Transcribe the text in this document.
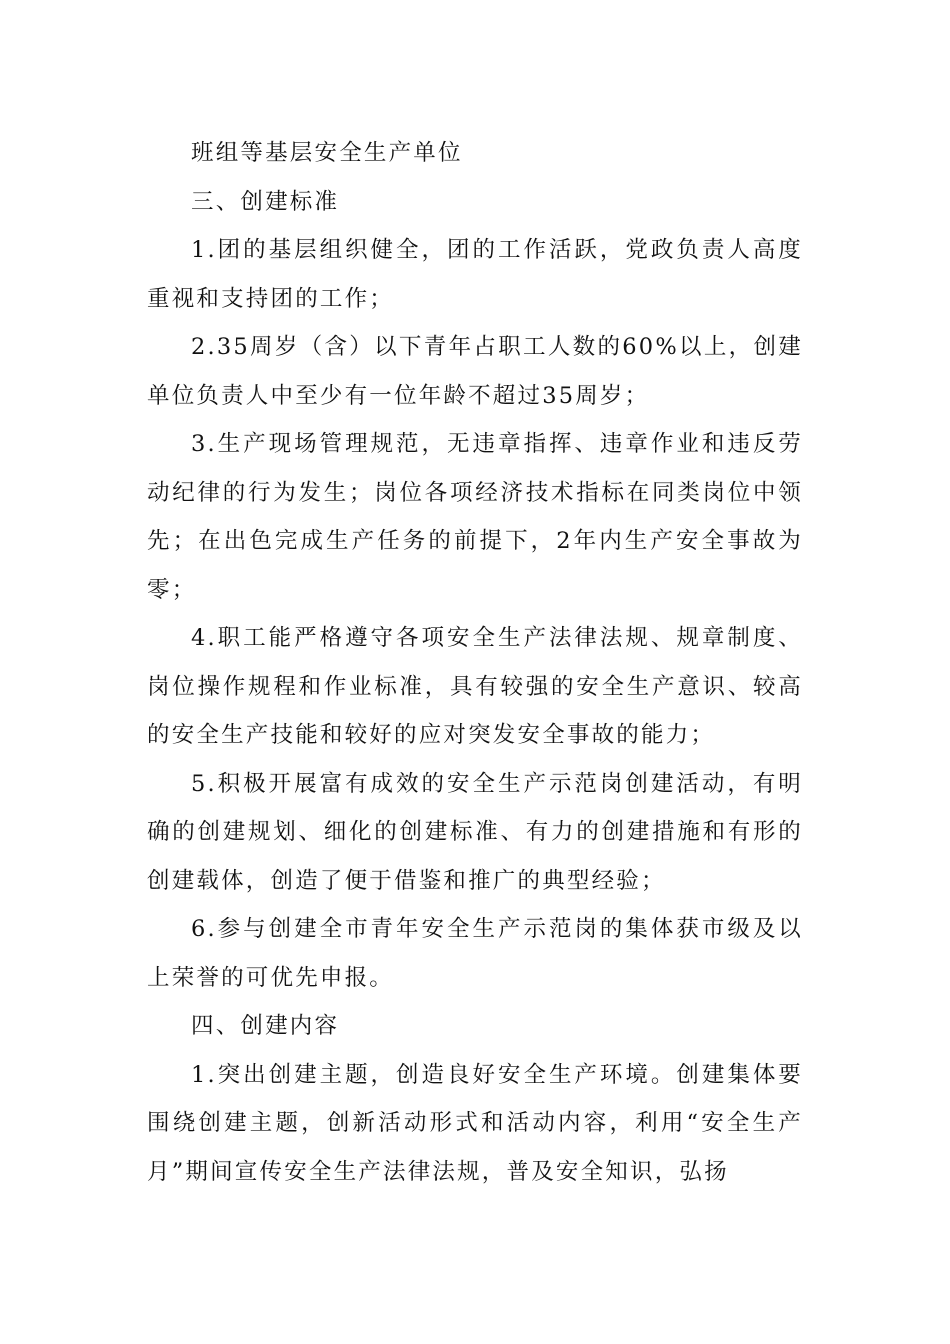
班组等基层安全生产单位

三、创建标准

1.团的基层组织健全，团的工作活跃，党政负责人高度重视和支持团的工作；

2.35周岁（含）以下青年占职工人数的60%以上，创建单位负责人中至少有一位年龄不超过35周岁；

3.生产现场管理规范，无违章指挥、违章作业和违反劳动纪律的行为发生；岗位各项经济技术指标在同类岗位中领先；在出色完成生产任务的前提下，2年内生产安全事故为零；

4.职工能严格遵守各项安全生产法律法规、规章制度、岗位操作规程和作业标准，具有较强的安全生产意识、较高的安全生产技能和较好的应对突发安全事故的能力；

5.积极开展富有成效的安全生产示范岗创建活动，有明确的创建规划、细化的创建标准、有力的创建措施和有形的创建载体，创造了便于借鉴和推广的典型经验；

6.参与创建全市青年安全生产示范岗的集体获市级及以上荣誉的可优先申报。

四、创建内容

1.突出创建主题，创造良好安全生产环境。创建集体要围绕创建主题，创新活动形式和活动内容，利用“安全生产月”期间宣传安全生产法律法规，普及安全知识，弘扬
